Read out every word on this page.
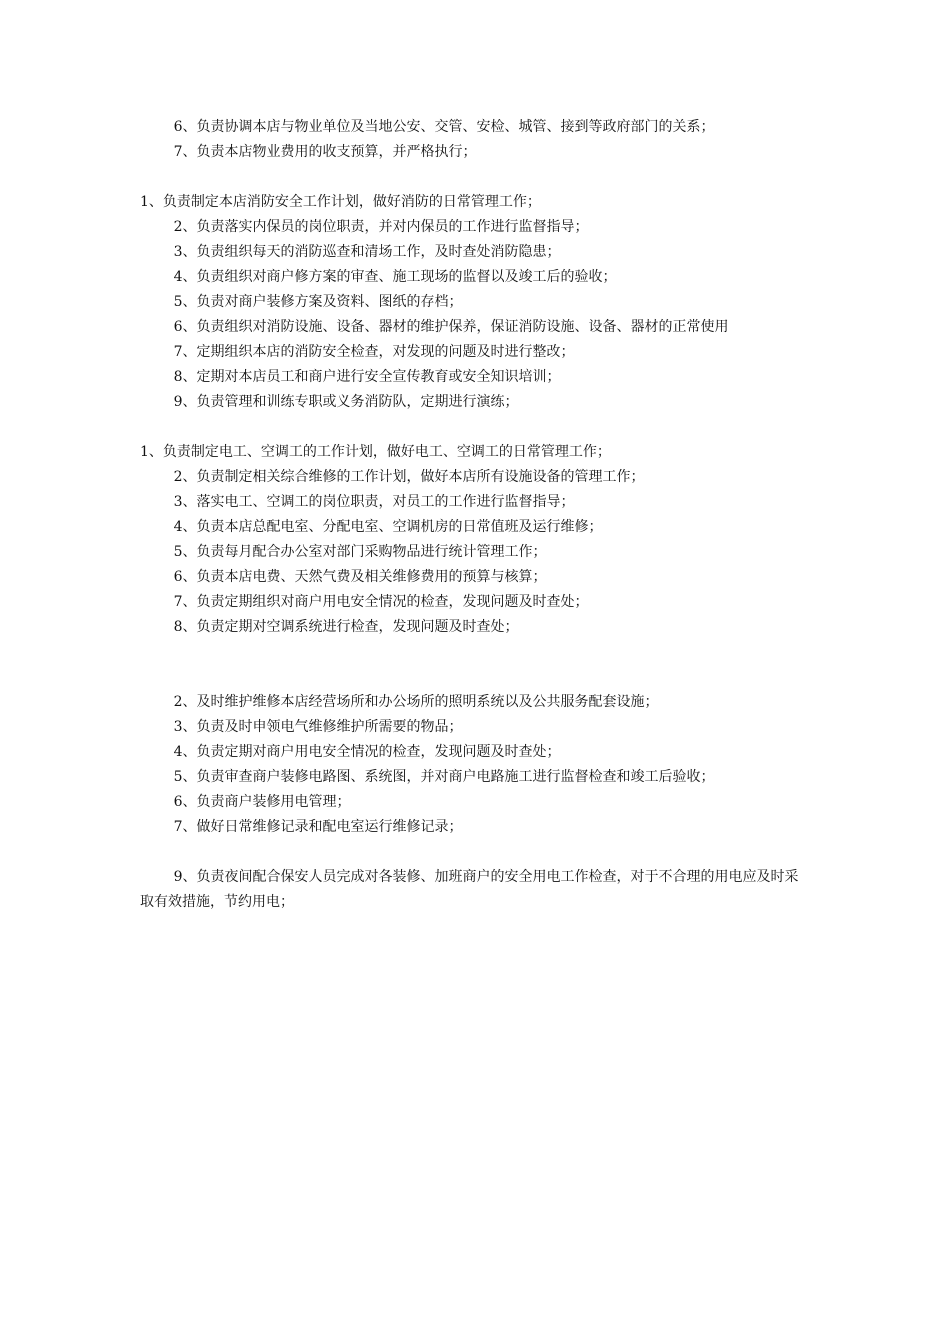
6、负责协调本店与物业单位及当地公安、交管、安检、城管、接到等政府部门的关系；

7、负责本店物业费用的收支预算，并严格执行；

1、负责制定本店消防安全工作计划，做好消防的日常管理工作；

2、负责落实内保员的岗位职责，并对内保员的工作进行监督指导；

3、负责组织每天的消防巡查和清场工作，及时查处消防隐患；

4、负责组织对商户修方案的审查、施工现场的监督以及竣工后的验收；

5、负责对商户装修方案及资料、图纸的存档；

6、负责组织对消防设施、设备、器材的维护保养，保证消防设施、设备、器材的正常使用

7、定期组织本店的消防安全检查，对发现的问题及时进行整改；

8、定期对本店员工和商户进行安全宣传教育或安全知识培训；

9、负责管理和训练专职或义务消防队，定期进行演练；

1、负责制定电工、空调工的工作计划，做好电工、空调工的日常管理工作；

2、负责制定相关综合维修的工作计划，做好本店所有设施设备的管理工作；

3、落实电工、空调工的岗位职责，对员工的工作进行监督指导；

4、负责本店总配电室、分配电室、空调机房的日常值班及运行维修；

5、负责每月配合办公室对部门采购物品进行统计管理工作；

6、负责本店电费、天然气费及相关维修费用的预算与核算；

7、负责定期组织对商户用电安全情况的检查，发现问题及时查处；

8、负责定期对空调系统进行检查，发现问题及时查处；

2、及时维护维修本店经营场所和办公场所的照明系统以及公共服务配套设施；

3、负责及时申领电气维修维护所需要的物品；

4、负责定期对商户用电安全情况的检查，发现问题及时查处；

5、负责审查商户装修电路图、系统图，并对商户电路施工进行监督检查和竣工后验收；

6、负责商户装修用电管理；

7、做好日常维修记录和配电室运行维修记录；

9、负责夜间配合保安人员完成对各装修、加班商户的安全用电工作检查，对于不合理的用电应及时采取有效措施，节约用电；
